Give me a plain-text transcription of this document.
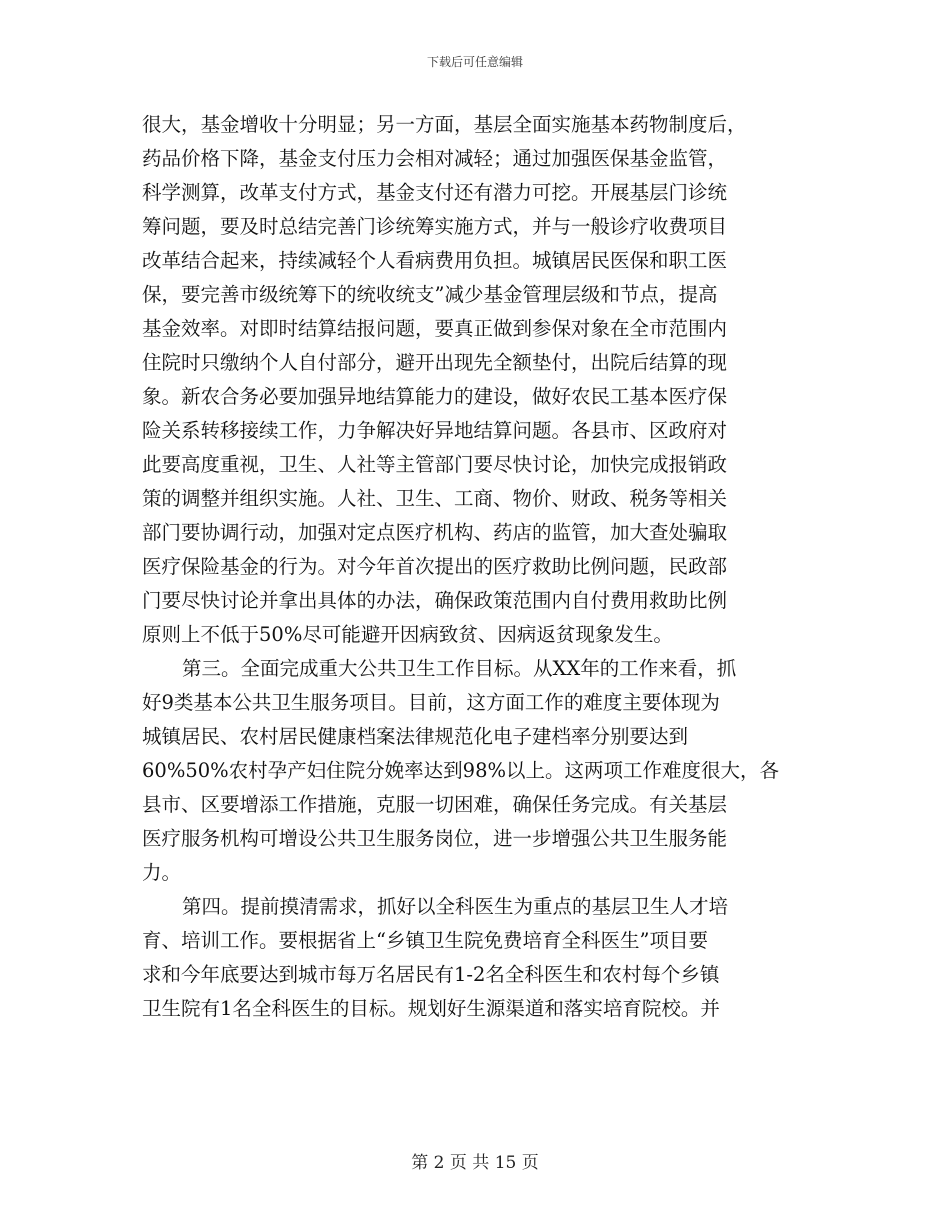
下载后可任意编辑
很大，基金增收十分明显；另一方面，基层全面实施基本药物制度后，
药品价格下降，基金支付压力会相对减轻；通过加强医保基金监管，
科学测算，改革支付方式，基金支付还有潜力可挖。开展基层门诊统
筹问题，要及时总结完善门诊统筹实施方式，并与一般诊疗收费项目
改革结合起来，持续减轻个人看病费用负担。城镇居民医保和职工医
保，要完善市级统筹下的统收统支”减少基金管理层级和节点，提高
基金效率。对即时结算结报问题，要真正做到参保对象在全市范围内
住院时只缴纳个人自付部分，避开出现先全额垫付，出院后结算的现
象。新农合务必要加强异地结算能力的建设，做好农民工基本医疗保
险关系转移接续工作，力争解决好异地结算问题。各县市、区政府对
此要高度重视，卫生、人社等主管部门要尽快讨论，加快完成报销政
策的调整并组织实施。人社、卫生、工商、物价、财政、税务等相关
部门要协调行动，加强对定点医疗机构、药店的监管，加大查处骗取
医疗保险基金的行为。对今年首次提出的医疗救助比例问题，民政部
门要尽快讨论并拿出具体的办法，确保政策范围内自付费用救助比例
原则上不低于50%尽可能避开因病致贫、因病返贫现象发生。
第三。全面完成重大公共卫生工作目标。从XX年的工作来看，抓
好9类基本公共卫生服务项目。目前，这方面工作的难度主要体现为
城镇居民、农村居民健康档案法律规范化电子建档率分别要达到
60%50%农村孕产妇住院分娩率达到98%以上。这两项工作难度很大，各
县市、区要增添工作措施，克服一切困难，确保任务完成。有关基层
医疗服务机构可增设公共卫生服务岗位，进一步增强公共卫生服务能
力。
第四。提前摸清需求，抓好以全科医生为重点的基层卫生人才培
育、培训工作。要根据省上“乡镇卫生院免费培育全科医生”项目要
求和今年底要达到城市每万名居民有1-2名全科医生和农村每个乡镇
卫生院有1名全科医生的目标。规划好生源渠道和落实培育院校。并
第 2 页 共 15 页
